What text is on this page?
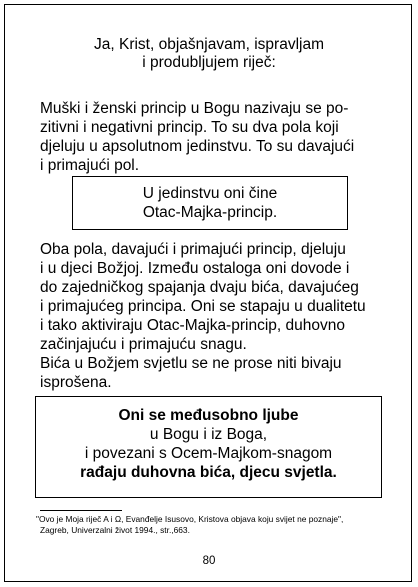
Ja, Krist, objašnjavam, ispravljam
i produbljujem riječ:
Muški i ženski princip u Bogu nazivaju se po-
zitivni i negativni princip. To su dva pola koji
djeluju u apsolutnom jedinstvu. To su davajući
i primajući pol.
U jedinstvu oni čine
Otac-Majka-princip.
Oba pola, davajući i primajući princip, djeluju
i u djeci Božjoj. Između ostaloga oni dovode i
do zajedničkog spajanja dvaju bića, davajućeg
i primajućeg principa. Oni se stapaju u dualitetu
i tako aktiviraju Otac-Majka-princip, duhovno
začinjajuću i primajuću snagu.
Bića u Božjem svjetlu se ne prose niti bivaju
isprošena.
Oni se međusobno ljube
u Bogu i iz Boga,
i povezani s Ocem-Majkom-snagom
rađaju duhovna bića, djecu svjetla.
"Ovo je Moja riječ A i Ω, Evanđelje Isusovo, Kristova objava koju svijet ne poznaje",
Zagreb, Univerzalni život 1994., str.,663.
80
